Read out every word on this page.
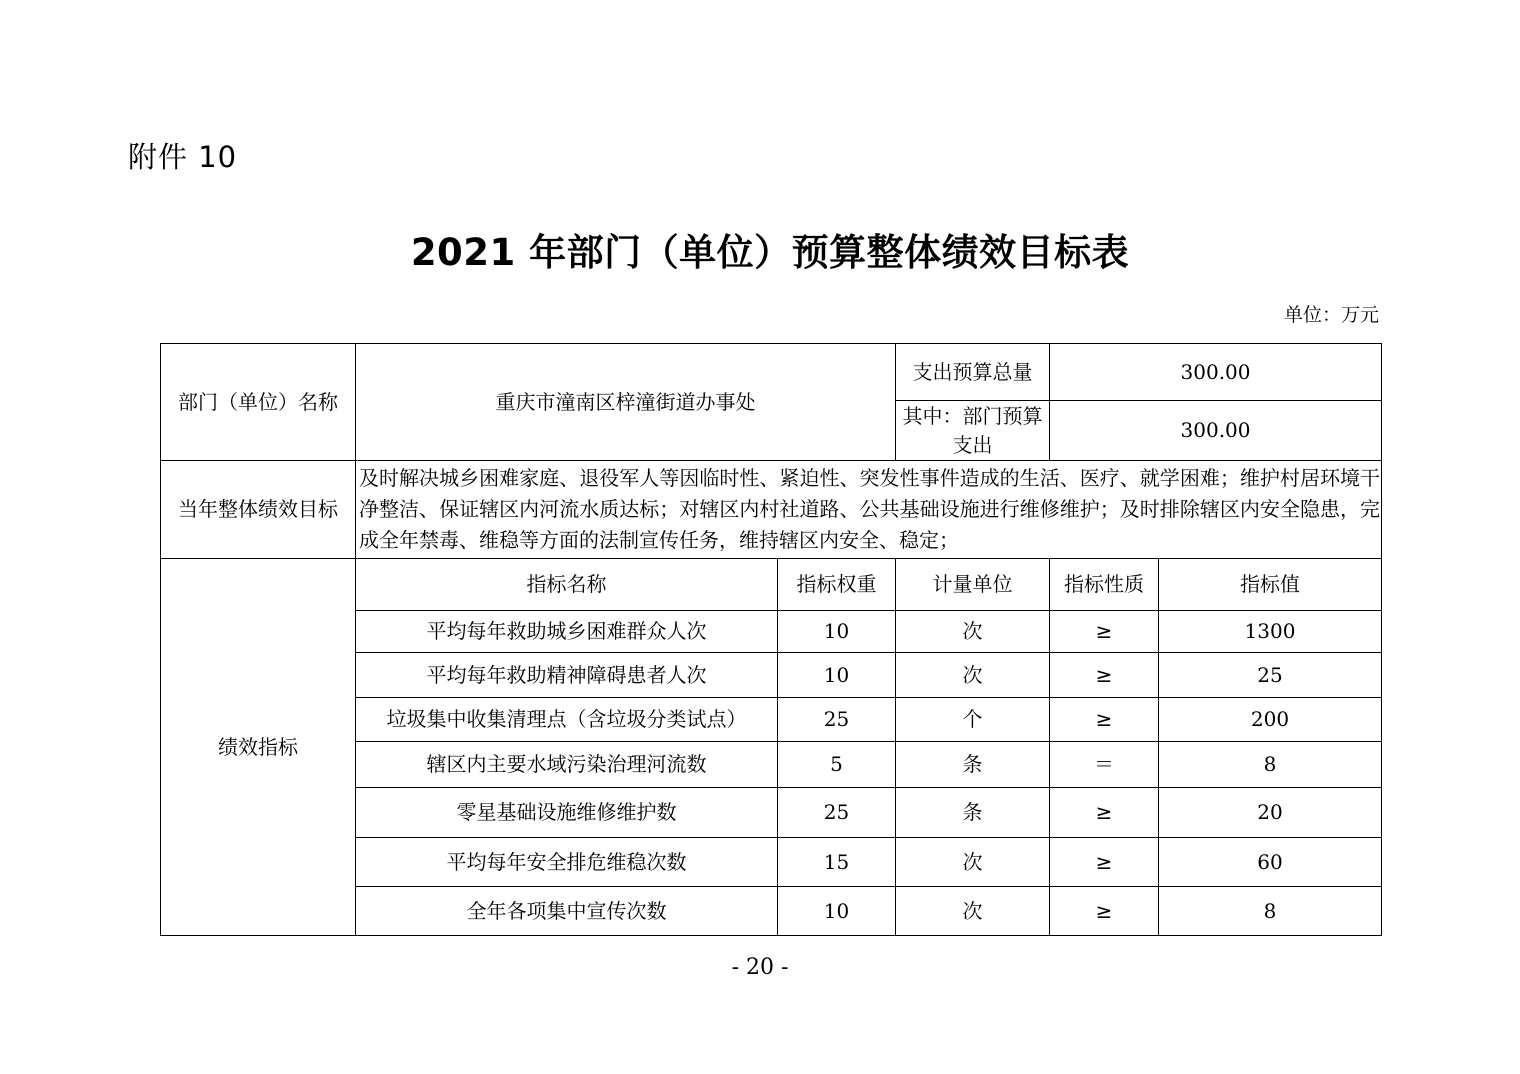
附件 10
2021 年部门（单位）预算整体绩效目标表
单位：万元
部门（单位）名称	重庆市潼南区梓潼街道办事处		支出预算总量	300.00	
			其中：部门预算支出	300.00	
当年整体绩效目标	及时解决城乡困难家庭、退役军人等因临时性、紧迫性、突发性事件造成的生活、医疗、就学困难；维护村居环境干净整洁、保证辖区内河流水质达标；对辖区内村社道路、公共基础设施进行维修维护；及时排除辖区内安全隐患，完成全年禁毒、维稳等方面的法制宣传任务，维持辖区内安全、稳定；				
绩效指标	指标名称	指标权重	计量单位	指标性质	指标值
	平均每年救助城乡困难群众人次	10	次	≥	1300
	平均每年救助精神障碍患者人次	10	次	≥	25
	垃圾集中收集清理点（含垃圾分类试点）	25	个	≥	200
	辖区内主要水域污染治理河流数	5	条	＝	8
	零星基础设施维修维护数	25	条	≥	20
	平均每年安全排危维稳次数	15	次	≥	60
	全年各项集中宣传次数	10	次	≥	8
- 20 -
